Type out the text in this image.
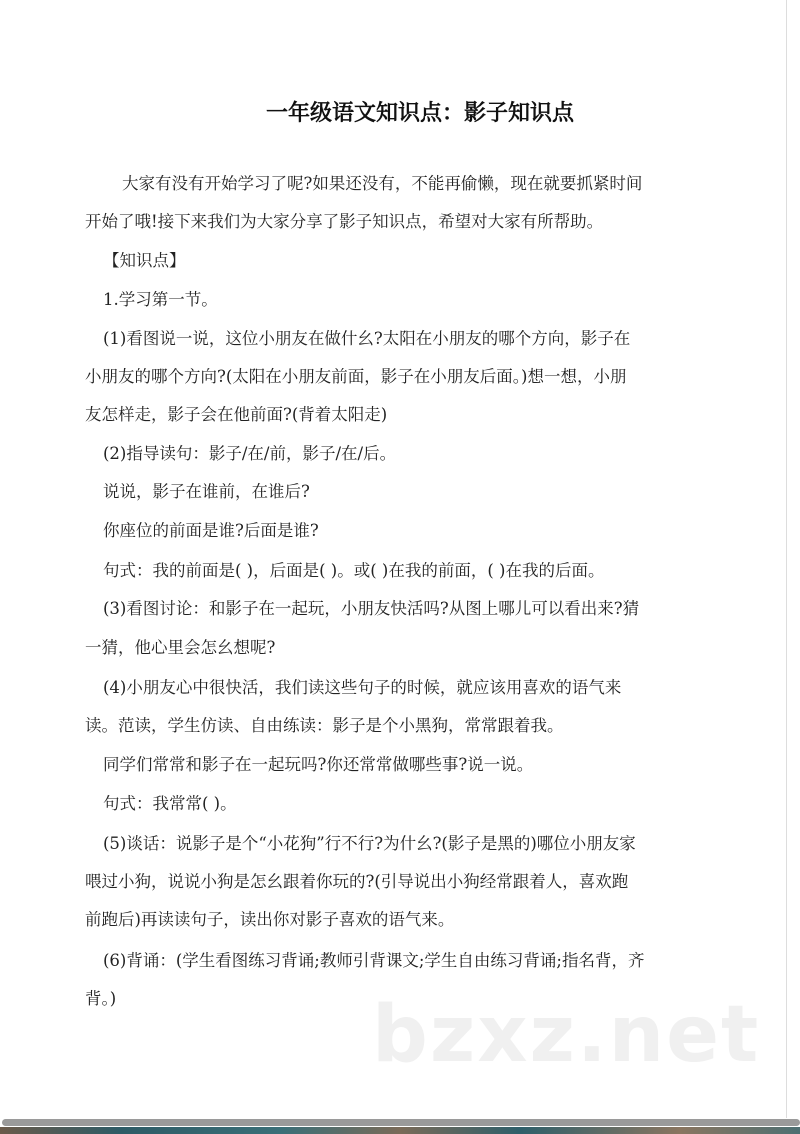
一年级语文知识点：影子知识点
大家有没有开始学习了呢?如果还没有，不能再偷懒，现在就要抓紧时间
开始了哦!接下来我们为大家分享了影子知识点，希望对大家有所帮助。
【知识点】
1.学习第一节。
(1)看图说一说，这位小朋友在做什幺?太阳在小朋友的哪个方向，影子在
小朋友的哪个方向?(太阳在小朋友前面，影子在小朋友后面。)想一想，小朋
友怎样走，影子会在他前面?(背着太阳走)
(2)指导读句：影子/在/前，影子/在/后。
说说，影子在谁前，在谁后?
你座位的前面是谁?后面是谁?
句式：我的前面是( )，后面是( )。或( )在我的前面，( )在我的后面。
(3)看图讨论：和影子在一起玩，小朋友快活吗?从图上哪儿可以看出来?猜
一猜，他心里会怎幺想呢?
(4)小朋友心中很快活，我们读这些句子的时候，就应该用喜欢的语气来
读。范读，学生仿读、自由练读：影子是个小黑狗，常常跟着我。
同学们常常和影子在一起玩吗?你还常常做哪些事?说一说。
句式：我常常( )。
(5)谈话：说影子是个“小花狗”行不行?为什幺?(影子是黑的)哪位小朋友家
喂过小狗，说说小狗是怎幺跟着你玩的?(引导说出小狗经常跟着人，喜欢跑
前跑后)再读读句子，读出你对影子喜欢的语气来。
(6)背诵：(学生看图练习背诵;教师引背课文;学生自由练习背诵;指名背，齐
背。)	bzxz.net
